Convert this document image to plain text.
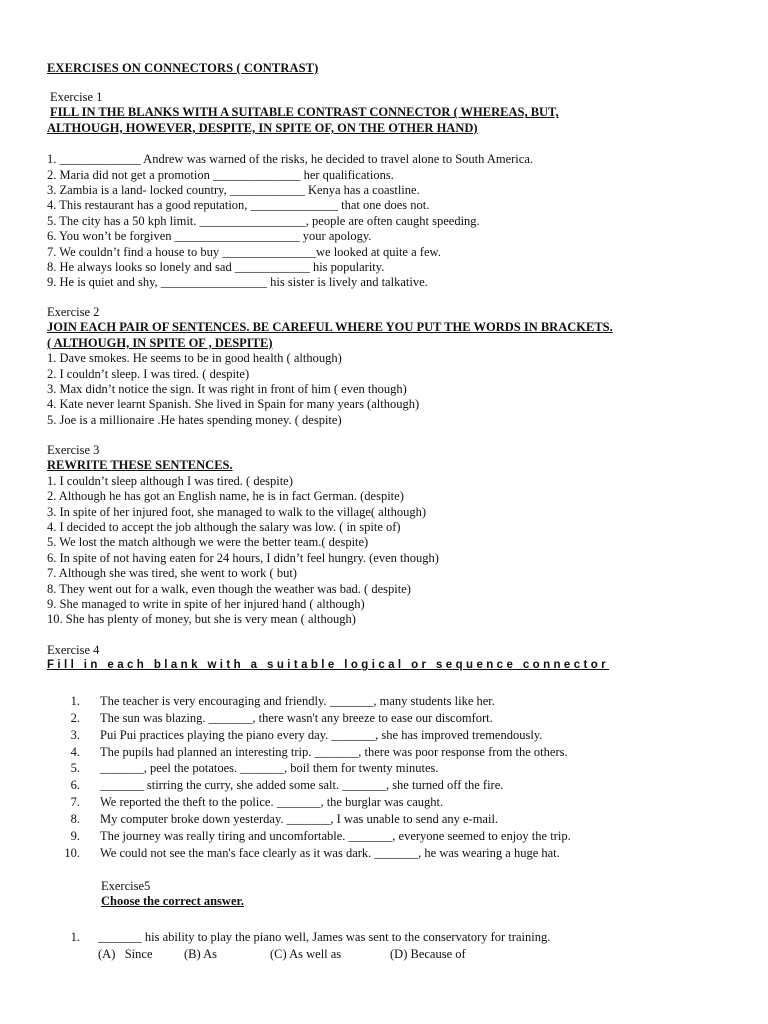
EXERCISES ON CONNECTORS ( CONTRAST)

Exercise 1

FILL IN THE BLANKS WITH A SUITABLE CONTRAST CONNECTOR ( WHEREAS, BUT,

ALTHOUGH, HOWEVER, DESPITE, IN SPITE OF, ON THE OTHER HAND)

1. _____________ Andrew was warned of the risks, he decided to travel alone to South America.
2. Maria did not get a promotion ______________ her qualifications.
3. Zambia is a land- locked country, ____________ Kenya has a coastline.
4. This restaurant has a good reputation, ______________ that one does not.
5. The city has a 50 kph limit. _________________, people are often caught speeding.
6. You won’t be forgiven ____________________ your apology.
7. We couldn’t find a house to buy _______________we looked at quite a few.
8. He always looks so lonely and sad ____________ his popularity.
9. He is quiet and shy, _________________ his sister is lively and talkative.

Exercise 2

JOIN EACH PAIR OF SENTENCES. BE CAREFUL WHERE YOU PUT THE WORDS IN BRACKETS.

( ALTHOUGH, IN SPITE OF , DESPITE)

1. Dave smokes. He seems to be in good health ( although)
2. I couldn’t sleep. I was tired. ( despite)
3. Max didn’t notice the sign. It was right in front of him ( even though)
4. Kate never learnt Spanish. She lived in Spain for many years (although)
5. Joe is a millionaire .He hates spending money. ( despite)

Exercise 3

REWRITE THESE SENTENCES.

1. I couldn’t sleep although I was tired. ( despite)
2. Although he has got an English name, he is in fact German. (despite)
3. In spite of her injured foot, she managed to walk to the village( although)
4. I decided to accept the job although the salary was low. ( in spite of)
5. We lost the match although we were the better team.( despite)
6. In spite of not having eaten for 24 hours, I didn’t feel hungry. (even though)
7. Although she was tired, she went to work ( but)
8. They went out for a walk, even though the weather was bad. ( despite)
9. She managed to write in spite of her injured hand ( although)
10. She has plenty of money, but she is very mean ( although)

Exercise 4

Fill in each blank with a suitable logical or sequence connector

1. The teacher is very encouraging and friendly. _______, many students like her.
2. The sun was blazing. _______, there wasn't any breeze to ease our discomfort.
3. Pui Pui practices playing the piano every day. _______, she has improved tremendously.
4. The pupils had planned an interesting trip. _______, there was poor response from the others.
5. _______, peel the potatoes. _______, boil them for twenty minutes.
6. _______ stirring the curry, she added some salt. _______, she turned off the fire.
7. We reported the theft to the police. _______, the burglar was caught.
8. My computer broke down yesterday. _______, I was unable to send any e-mail.
9. The journey was really tiring and uncomfortable. _______, everyone seemed to enjoy the trip.
10. We could not see the man's face clearly as it was dark. _______, he was wearing a huge hat.

Exercise5

Choose the correct answer.

1. _______ his ability to play the piano well, James was sent to the conservatory for training.
(A)   Since	(B) As	(C) As well as	(D) Because of
